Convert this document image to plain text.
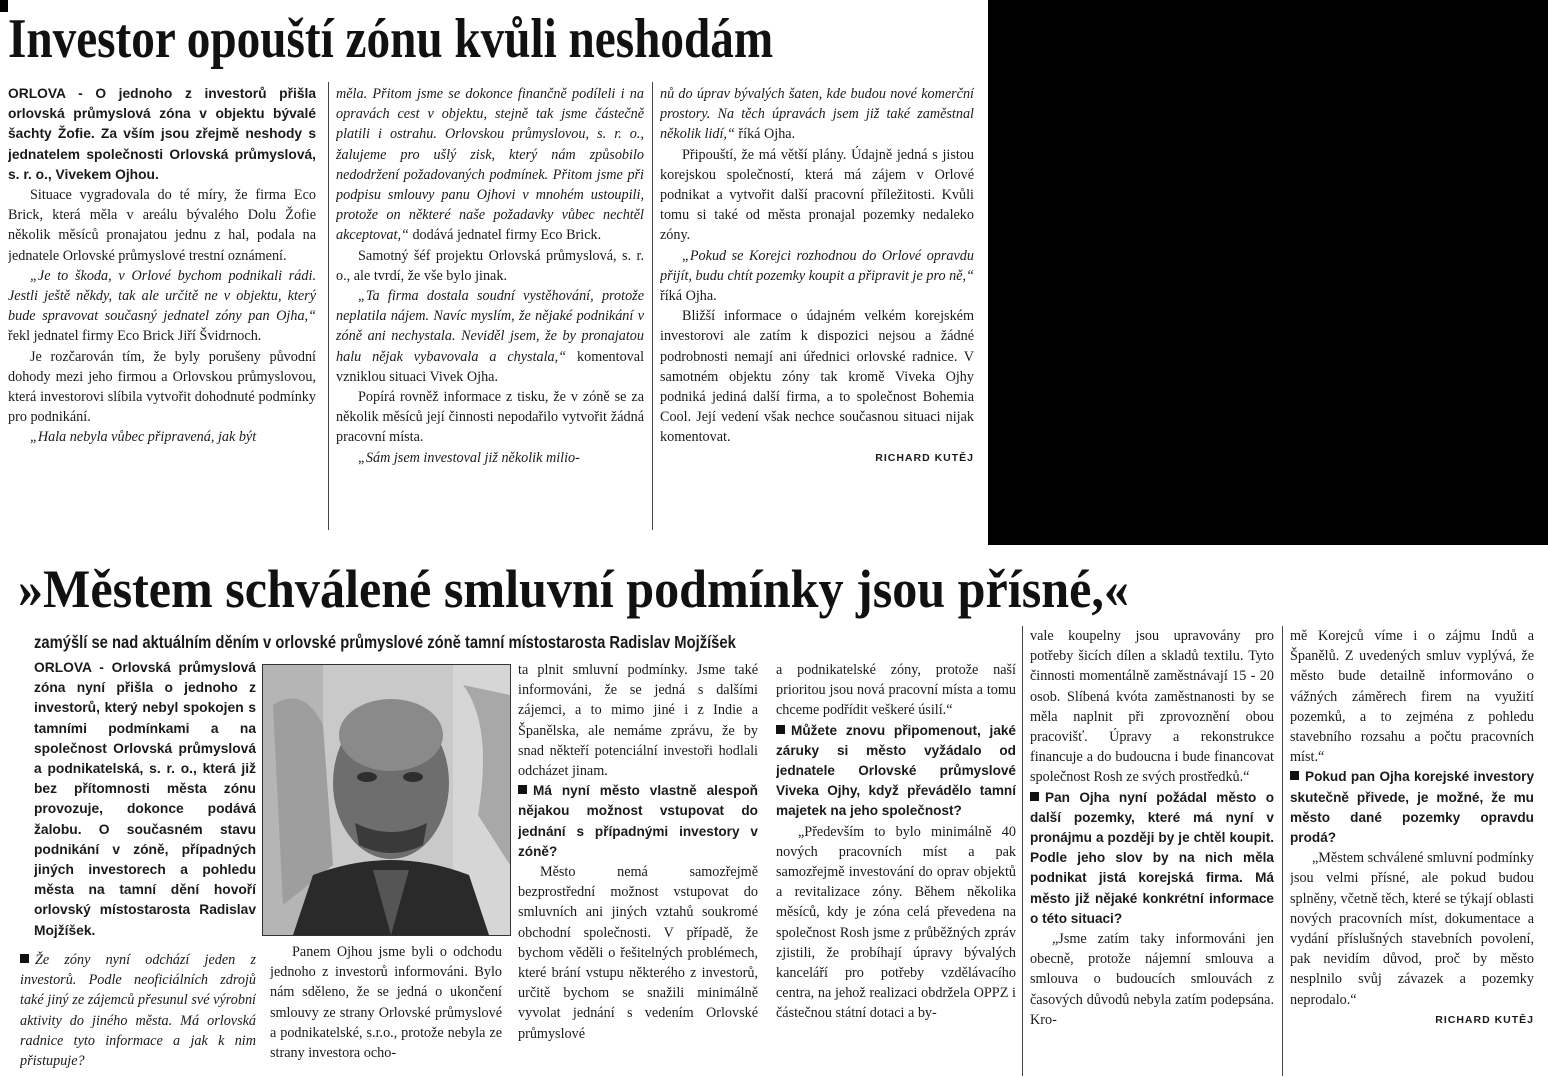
Investor opouští zónu kvůli neshodám

ORLOVA - O jednoho z investorů přišla orlovská průmyslová zóna v objektu bývalé šachty Žofie. Za vším jsou zřejmě neshody s jednatelem společnosti Orlovská průmyslová, s. r. o., Vivekem Ojhou.

Situace vygradovala do té míry, že firma Eco Brick, která měla v areálu bývalého Dolu Žofie několik měsíců pronajatou jednu z hal, podala na jednatele Orlovské průmyslové trestní oznámení.

„Je to škoda, v Orlové bychom podnikali rádi. Jestli ještě někdy, tak ale určitě ne v objektu, který bude spravovat současný jednatel zóny pan Ojha,“ řekl jednatel firmy Eco Brick Jiří Švidrnoch.

Je rozčarován tím, že byly porušeny původní dohody mezi jeho firmou a Orlovskou průmyslovou, která investorovi slíbila vytvořit dohodnuté podmínky pro podnikání.

„Hala nebyla vůbec připravená, jak být

měla. Přitom jsme se dokonce finančně podíleli i na opravách cest v objektu, stejně tak jsme částečně platili i ostrahu. Orlovskou průmyslovou, s. r. o., žalujeme pro ušlý zisk, který nám způsobilo nedodržení požadovaných podmínek. Přitom jsme při podpisu smlouvy panu Ojhovi v mnohém ustoupili, protože on některé naše požadavky vůbec nechtěl akceptovat,“ dodává jednatel firmy Eco Brick.

Samotný šéf projektu Orlovská průmyslová, s. r. o., ale tvrdí, že vše bylo jinak.

„Ta firma dostala soudní vystěhování, protože neplatila nájem. Navíc myslím, že nějaké podnikání v zóně ani nechystala. Neviděl jsem, že by pronajatou halu nějak vybavovala a chystala,“ komentoval vzniklou situaci Vivek Ojha.

Popírá rovněž informace z tisku, že v zóně se za několik měsíců její činnosti nepodařilo vytvořit žádná pracovní místa.

„Sám jsem investoval již několik milio-

nů do úprav bývalých šaten, kde budou nové komerční prostory. Na těch úpravách jsem již také zaměstnal několik lidí,“ říká Ojha.

Připouští, že má větší plány. Údajně jedná s jistou korejskou společností, která má zájem v Orlové podnikat a vytvořit další pracovní příležitosti. Kvůli tomu si také od města pronajal pozemky nedaleko zóny.

„Pokud se Korejci rozhodnou do Orlové opravdu přijít, budu chtít pozemky koupit a připravit je pro ně,“ říká Ojha.

Bližší informace o údajném velkém korejském investorovi ale zatím k dispozici nejsou a žádné podrobnosti nemají ani úřednici orlovské radnice. V samotném objektu zóny tak kromě Viveka Ojhy podniká jediná další firma, a to společnost Bohemia Cool. Její vedení však nechce současnou situaci nijak komentovat.

RICHARD KUTĚJ

»Městem schválené smluvní podmínky jsou přísné,«
zamýšlí se nad aktuálním děním v orlovské průmyslové zóně tamní místostarosta Radislav Mojžíšek

ORLOVA - Orlovská průmyslová zóna nyní přišla o jednoho z investorů, který nebyl spokojen s tamními podmínkami a na společnost Orlovská průmyslová a podnikatelská, s. r. o., která již bez přítomnosti města zónu provozuje, dokonce podává žalobu. O současném stavu podnikání v zóně, případných jiných investorech a pohledu města na tamní dění hovoří orlovský místostarosta Radislav Mojžíšek.

Že zóny nyní odchází jeden z investorů. Podle neoficiálních zdrojů také jiný ze zájemců přesunul své výrobní aktivity do jiného města. Má orlovská radnice tyto informace a jak k nim přistupuje?

Panem Ojhou jsme byli o odchodu jednoho z investorů informováni. Bylo nám sděleno, že se jedná o ukončení smlouvy ze strany Orlovské průmyslové a podnikatelské, s.r.o., protože nebyla ze strany investora ocho-

ta plnit smluvní podmínky. Jsme také informováni, že se jedná s dalšími zájemci, a to mimo jiné i z Indie a Španělska, ale nemáme zprávu, že by snad někteří potenciální investoři hodlali odcházet jinam.

Má nyní město vlastně alespoň nějakou možnost vstupovat do jednání s případnými investory v zóně?

Město nemá samozřejmě bezprostřední možnost vstupovat do smluvních ani jiných vztahů soukromé obchodní společnosti. V případě, že bychom věděli o řešitelných problémech, které brání vstupu některého z investorů, určitě bychom se snažili minimálně vyvolat jednání s vedením Orlovské průmyslové

a podnikatelské zóny, protože naší prioritou jsou nová pracovní místa a tomu chceme podřídit veškeré úsilí.“

Můžete znovu připomenout, jaké záruky si město vyžádalo od jednatele Orlovské průmyslové Viveka Ojhy, když převádělo tamní majetek na jeho společnost?

„Především to bylo minimálně 40 nových pracovních míst a pak samozřejmě investování do oprav objektů a revitalizace zóny. Během několika měsíců, kdy je zóna celá převedena na společnost Rosh jsme z průběžných zpráv zjistili, že probíhají úpravy bývalých kanceláří pro potřeby vzdělávacího centra, na jehož realizaci obdržela OPPZ i částečnou státní dotaci a by-

vale koupelny jsou upravovány pro potřeby šicích dílen a skladů textilu. Tyto činnosti momentálně zaměstnávají 15 - 20 osob. Slíbená kvóta zaměstnanosti by se měla naplnit při zprovoznění obou pracovišť. Úpravy a rekonstrukce financuje a do budoucna i bude financovat společnost Rosh ze svých prostředků.“

Pan Ojha nyní požádal město o další pozemky, které má nyní v pronájmu a později by je chtěl koupit. Podle jeho slov by na nich měla podnikat jistá korejská firma. Má město již nějaké konkrétní informace o této situaci?

„Jsme zatím taky informováni jen obecně, protože nájemní smlouva a smlouva o budoucích smlouvách z časových důvodů nebyla zatím podepsána. Kro-

mě Korejců víme i o zájmu Indů a Španělů. Z uvedených smluv vyplývá, že město bude detailně informováno o vážných záměrech firem na využití pozemků, a to zejména z pohledu stavebního rozsahu a počtu pracovních míst.“

Pokud pan Ojha korejské investory skutečně přivede, je možné, že mu město dané pozemky opravdu prodá?

„Městem schválené smluvní podmínky jsou velmi přísné, ale pokud budou splněny, včetně těch, které se týkají oblasti nových pracovních míst, dokumentace a vydání příslušných stavebních povolení, pak nevidím důvod, proč by město nesplnilo svůj závazek a pozemky neprodalo.“

RICHARD KUTĚJ
